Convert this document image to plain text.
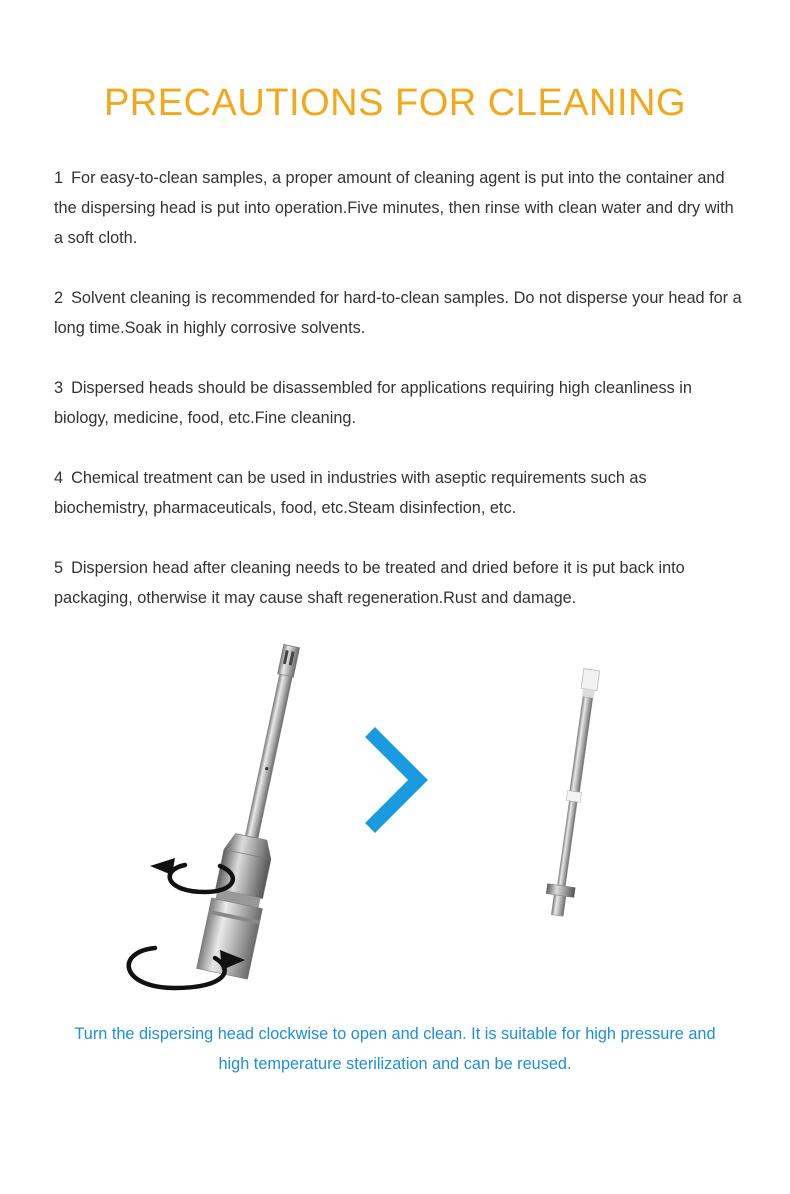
PRECAUTIONS FOR CLEANING
1 For easy-to-clean samples, a proper amount of cleaning agent is put into the container and the dispersing head is put into operation.Five minutes, then rinse with clean water and dry with a soft cloth.
2 Solvent cleaning is recommended for hard-to-clean samples. Do not disperse your head for a long time.Soak in highly corrosive solvents.
3 Dispersed heads should be disassembled for applications requiring high cleanliness in biology, medicine, food, etc.Fine cleaning.
4 Chemical treatment can be used in industries with aseptic requirements such as biochemistry, pharmaceuticals, food, etc.Steam disinfection, etc.
5 Dispersion head after cleaning needs to be treated and dried before it is put back into packaging, otherwise it may cause shaft regeneration.Rust and damage.

Turn the dispersing head clockwise to open and clean. It is suitable for high pressure and high temperature sterilization and can be reused.
